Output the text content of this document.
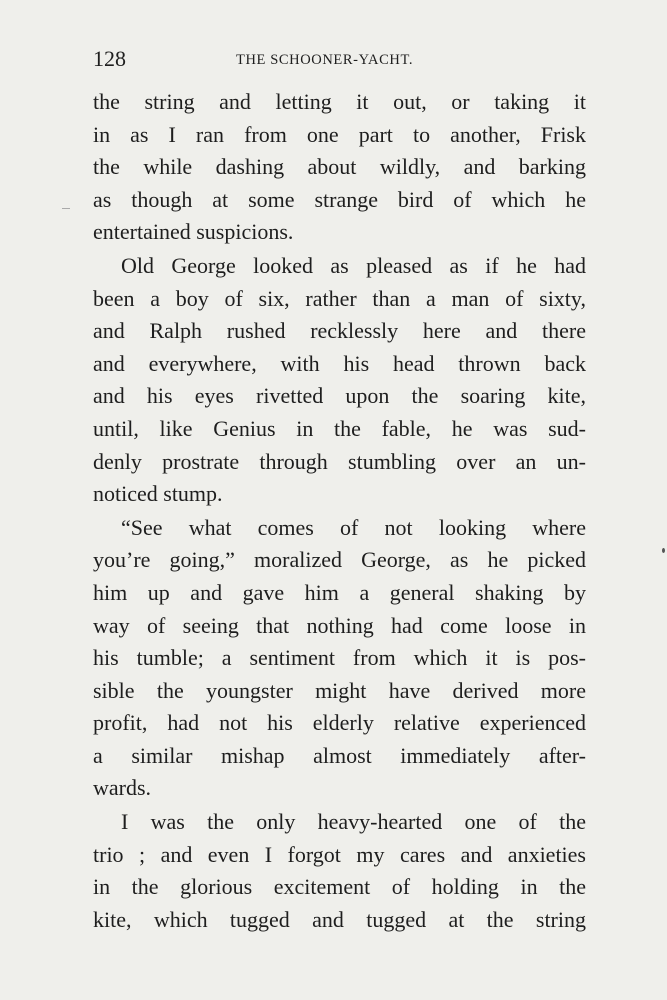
128	THE SCHOONER-YACHT.
the string and letting it out, or taking it
in as I ran from one part to another, Frisk
the while dashing about wildly, and barking
as though at some strange bird of which he
entertained suspicions.
Old George looked as pleased as if he had
been a boy of six, rather than a man of sixty,
and Ralph rushed recklessly here and there
and everywhere, with his head thrown back
and his eyes rivetted upon the soaring kite,
until, like Genius in the fable, he was sud-
denly prostrate through stumbling over an un-
noticed stump.
“See what comes of not looking where
you’re going,” moralized George, as he picked
him up and gave him a general shaking by
way of seeing that nothing had come loose in
his tumble; a sentiment from which it is pos-
sible the youngster might have derived more
profit, had not his elderly relative experienced
a similar mishap almost immediately after-
wards.
I was the only heavy-hearted one of the
trio ; and even I forgot my cares and anxieties
in the glorious excitement of holding in the
kite, which tugged and tugged at the string
